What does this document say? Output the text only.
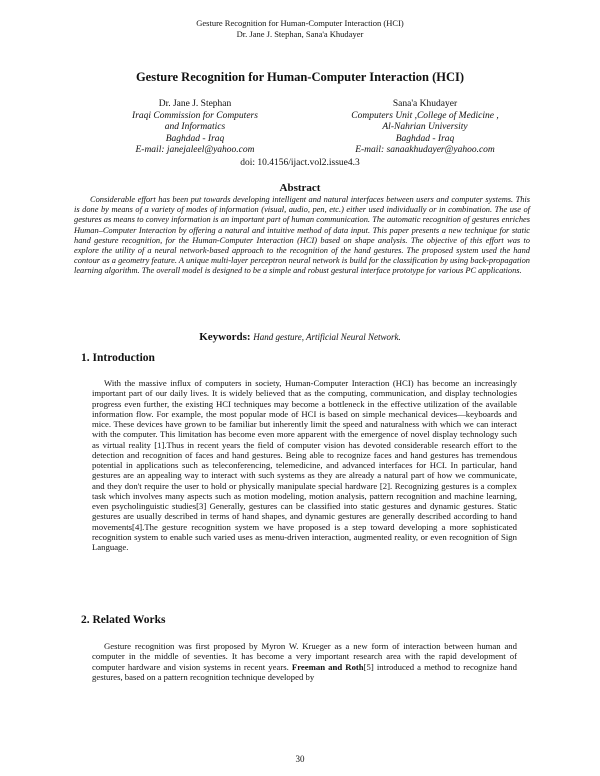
Gesture Recognition for Human-Computer Interaction (HCI)
Dr. Jane J. Stephan, Sana'a Khudayer
Gesture Recognition for Human-Computer Interaction (HCI)
Dr. Jane J. Stephan
Iraqi Commission for Computers
and Informatics
Baghdad - Iraq
E-mail: janejaleel@yahoo.com
Sana'a Khudayer
Computers Unit ,College of Medicine ,
Al-Nahrian University
Baghdad - Iraq
E-mail: sanaakhudayer@yahoo.com
doi: 10.4156/ijact.vol2.issue4.3
Abstract

Considerable effort has been put towards developing intelligent and natural interfaces between users and computer systems. This is done by means of a variety of modes of information (visual, audio, pen, etc.) either used individually or in combination. The use of gestures as means to convey information is an important part of human communication. The automatic recognition of gestures enriches Human–Computer Interaction by offering a natural and intuitive method of data input. This paper presents a new technique for static hand gesture recognition, for the Human-Computer Interaction (HCI) based on shape analysis. The objective of this effort was to explore the utility of a neural network-based approach to the recognition of the hand gestures. The proposed system used the hand contour as a geometry feature. A unique multi-layer perceptron neural network is build for the classification by using back-propagation learning algorithm. The overall model is designed to be a simple and robust gestural interface prototype for various PC applications.

Keywords: Hand gesture, Artificial Neural Network.
1. Introduction

With the massive influx of computers in society, Human-Computer Interaction (HCI) has become an increasingly important part of our daily lives. It is widely believed that as the computing, communication, and display technologies progress even further, the existing HCI techniques may become a bottleneck in the effective utilization of the available information flow. For example, the most popular mode of HCI is based on simple mechanical devices—keyboards and mice. These devices have grown to be familiar but inherently limit the speed and naturalness with which we can interact with the computer. This limitation has become even more apparent with the emergence of novel display technology such as virtual reality [1].Thus in recent years the field of computer vision has devoted considerable research effort to the detection and recognition of faces and hand gestures. Being able to recognize faces and hand gestures has tremendous potential in applications such as teleconferencing, telemedicine, and advanced interfaces for HCI. In particular, hand gestures are an appealing way to interact with such systems as they are already a natural part of how we communicate, and they don't require the user to hold or physically manipulate special hardware [2]. Recognizing gestures is a complex task which involves many aspects such as motion modeling, motion analysis, pattern recognition and machine learning, even psycholinguistic studies[3] Generally, gestures can be classified into static gestures and dynamic gestures. Static gestures are usually described in terms of hand shapes, and dynamic gestures are generally described according to hand movements[4].The gesture recognition system we have proposed is a step toward developing a more sophisticated recognition system to enable such varied uses as menu-driven interaction, augmented reality, or even recognition of Sign Language.

2. Related Works

Gesture recognition was first proposed by Myron W. Krueger as a new form of interaction between human and computer in the middle of seventies. It has become a very important research area with the rapid development of computer hardware and vision systems in recent years. Freeman and Roth[5] introduced a method to recognize hand gestures, based on a pattern recognition technique developed by

30
